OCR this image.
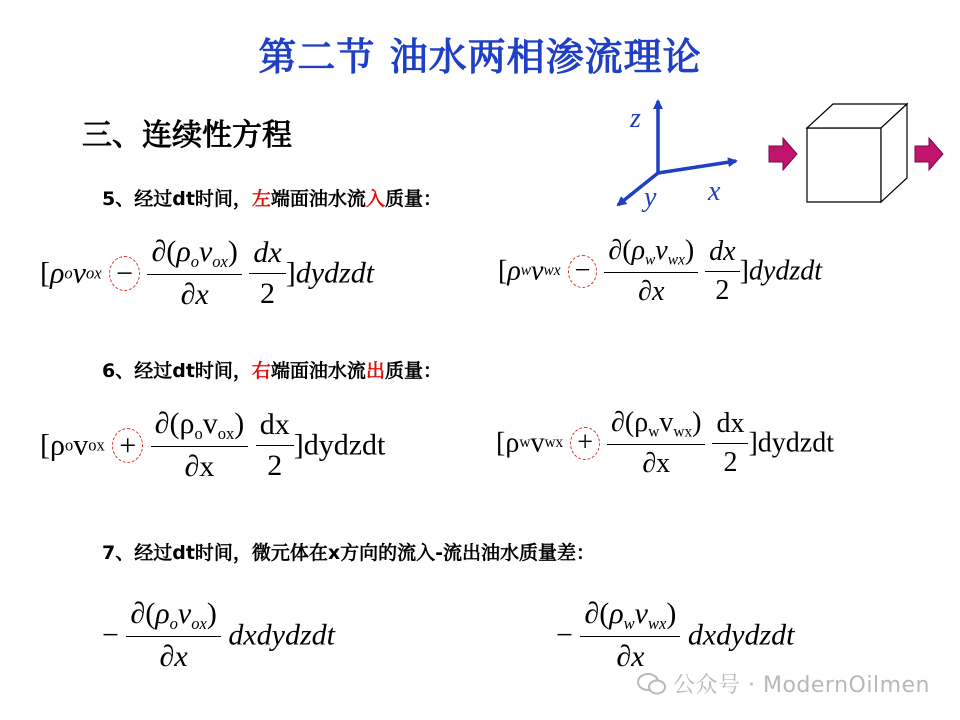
第二节 油水两相渗流理论
三、连续性方程	z
y x
5、经过dt时间，左端面油水流入质量：
[ρovox − $\frac{\partial(\rho_ov_{ox})}{\partial x}$
$\frac{dx}{2}$ ]dydzdt	[ρwvwx − $\frac{\partial(\rho_wv_{wx})}{\partial x}$
$\frac{dx}{2}$ ]dydzdt
6、经过dt时间，右端面油水流出质量：
[ρovox + $\frac{\partial(\rho_ov_{ox})}{\partial x}$
$\frac{dx}{2}$ ]dydzdt	[ρwvwx + $\frac{\partial(\rho_wv_{wx})}{\partial x}$
$\frac{dx}{2}$ ]dydzdt
7、经过dt时间，微元体在x方向的流入-流出油水质量差：
− $\frac{\partial(\rho_ov_{ox})}{\partial x}$ dxdydzdt	− $\frac{\partial(\rho_wv_{wx})}{\partial x}$ dxdydzdt
公众号 · ModernOilmen
